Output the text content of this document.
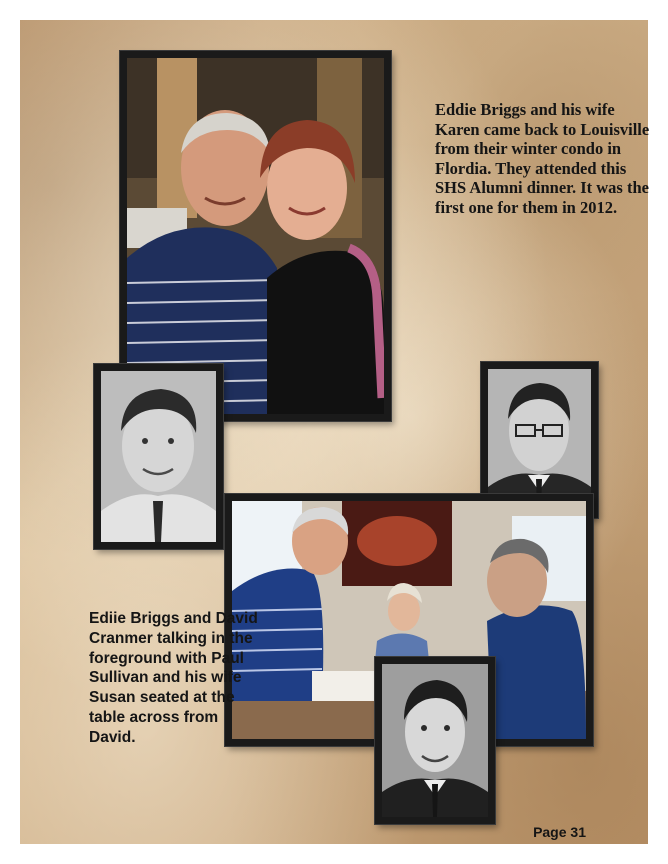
Eddie Briggs and his wife Karen came back to Louisville from their winter condo in Flordia. They attended this SHS Alumni dinner. It was the first one for them in 2012.

Ediie Briggs and David Cranmer talking in the foreground with Paul Sullivan and his wife Susan seated at the table across from David.

Page 31
